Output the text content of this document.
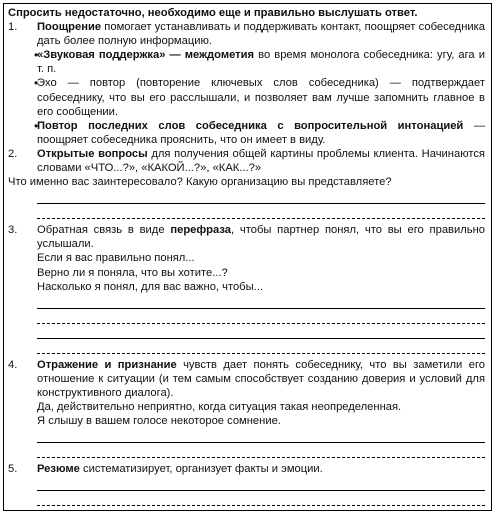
Спросить недостаточно, необходимо еще и правильно выслушать ответ.
1.	Поощрение помогает устанавливать и поддерживать контакт, поощряет собеседника дать более полную информацию.
•
«Звуковая поддержка» — междометия во время монолога собеседника: угу, ага и т. п.
•
Эхо — повтор (повторение ключевых слов собеседника) — подтверждает собеседнику, что вы его расслышали, и позволяет вам лучше запомнить главное в его сообщении.
•
Повтор последних слов собеседника с вопросительной интонацией — поощряет собеседника прояснить, что он имеет в виду.
2.	Открытые вопросы для получения общей картины проблемы клиента. Начинаются словами «ЧТО...?», «КАКОЙ...?», «КАК...?»
Что именно вас заинтересовало? Какую организацию вы представляете?
3.	Обратная связь в виде перефраза, чтобы партнер понял, что вы его правильно услышали.
Если я вас правильно понял...
Верно ли я поняла, что вы хотите...?
Насколько я понял, для вас важно, чтобы...
4.	Отражение и признание чувств дает понять собеседнику, что вы заметили его отношение к ситуации (и тем самым способствует созданию доверия и условий для конструктивного диалога).
Да, действительно неприятно, когда ситуация такая неопределенная.
Я слышу в вашем голосе некоторое сомнение.
5.	Резюме систематизирует, организует факты и эмоции.
